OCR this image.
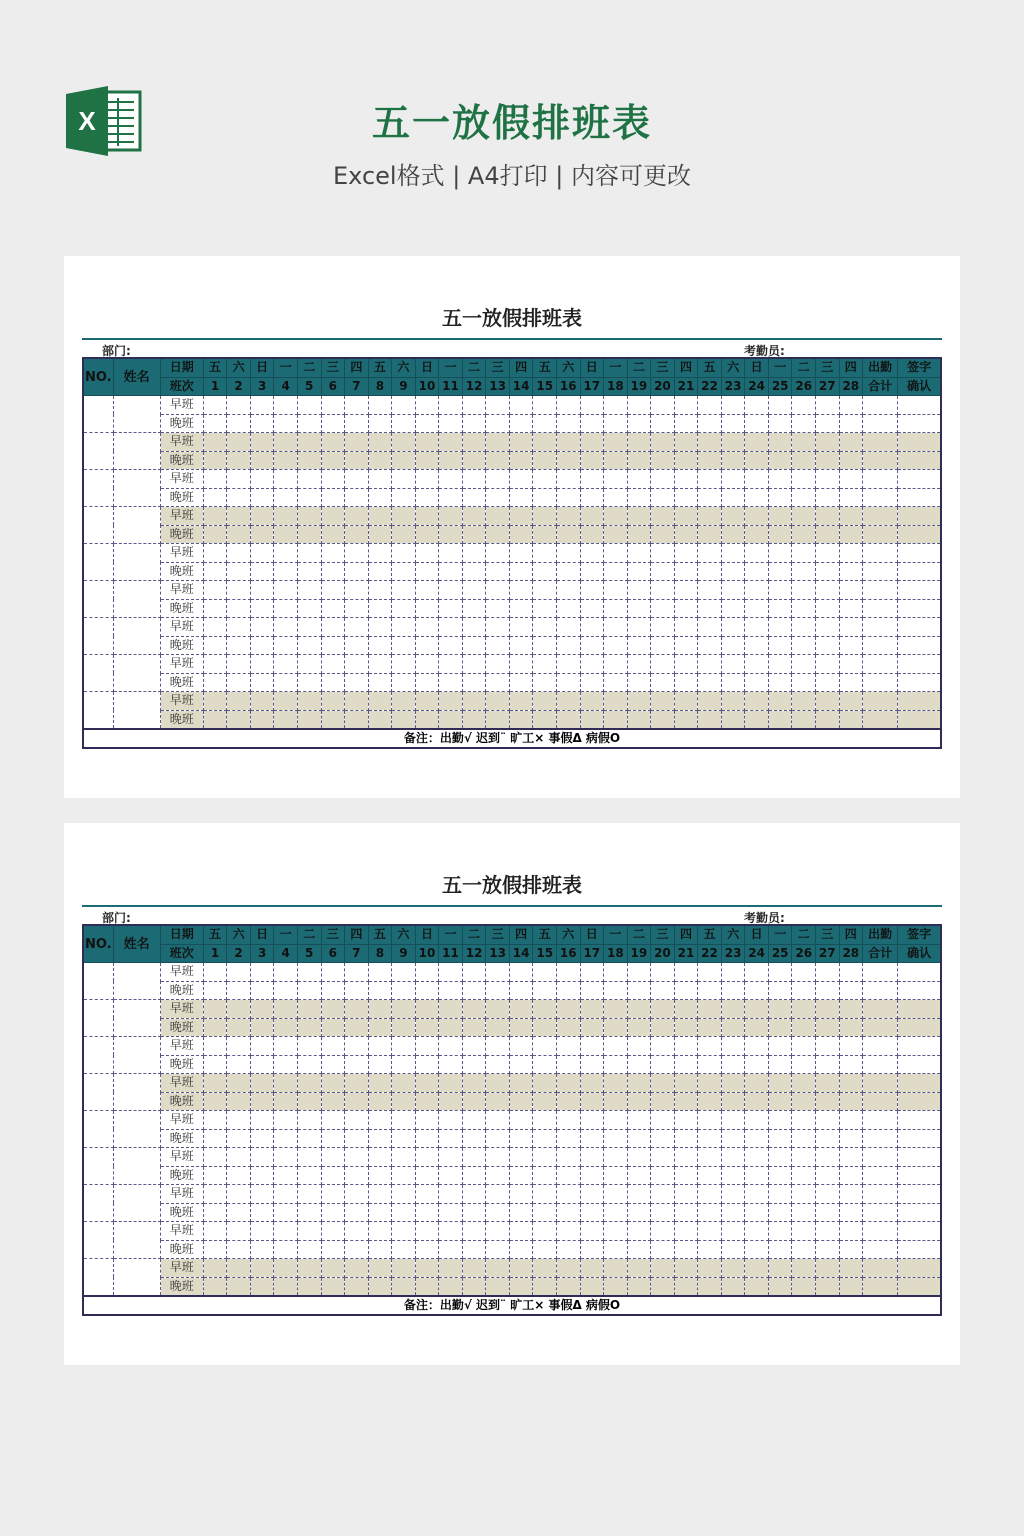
X	五一放假排班表
Excel格式 | A4打印 | 内容可更改
五一放假排班表
部门:	考勤员:
NO.	姓名	日期	五	六	日	一	二	三	四	五	六	日	一	二	三	四	五	六	日	一	二	三	四	五	六	日	一	二	三	四	出勤	签字
		班次	1	2	3	4	5	6	7	8	9	10	11	12	13	14	15	16	17	18	19	20	21	22	23	24	25	26	27	28	合计	确认
		早班																														
		晚班																														
		早班																														
		晚班																														
		早班																														
		晚班																														
		早班																														
		晚班																														
		早班																														
		晚班																														
		早班																														
		晚班																														
		早班																														
		晚班																														
		早班																														
		晚班																														
		早班																														
		晚班																														
备注：出勤√ 迟到¨ 旷工× 事假Δ 病假O																																
五一放假排班表
部门:	考勤员:
NO.	姓名	日期	五	六	日	一	二	三	四	五	六	日	一	二	三	四	五	六	日	一	二	三	四	五	六	日	一	二	三	四	出勤	签字
		班次	1	2	3	4	5	6	7	8	9	10	11	12	13	14	15	16	17	18	19	20	21	22	23	24	25	26	27	28	合计	确认
		早班																														
		晚班																														
		早班																														
		晚班																														
		早班																														
		晚班																														
		早班																														
		晚班																														
		早班																														
		晚班																														
		早班																														
		晚班																														
		早班																														
		晚班																														
		早班																														
		晚班																														
		早班																														
		晚班																														
备注：出勤√ 迟到¨ 旷工× 事假Δ 病假O																																
